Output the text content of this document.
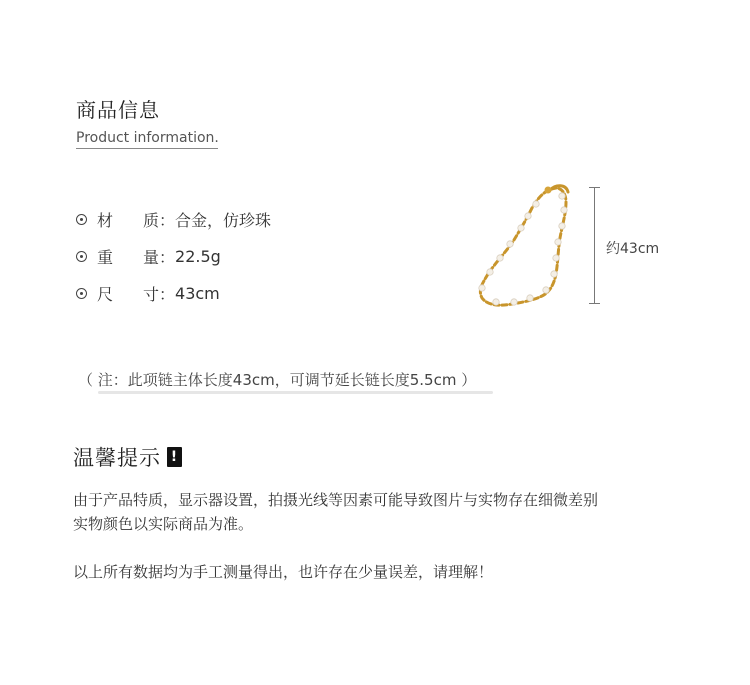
商品信息
Product information.
材	质： 合金，仿珍珠
重	量： 22.5g
尺	寸： 43cm
约43cm
（ 注：此项链主体长度43cm，可调节延长链长度5.5cm ）
温馨提示 !
由于产品特质，显示器设置，拍摄光线等因素可能导致图片与实物存在细微差别
实物颜色以实际商品为准。
以上所有数据均为手工测量得出，也许存在少量误差，请理解！
